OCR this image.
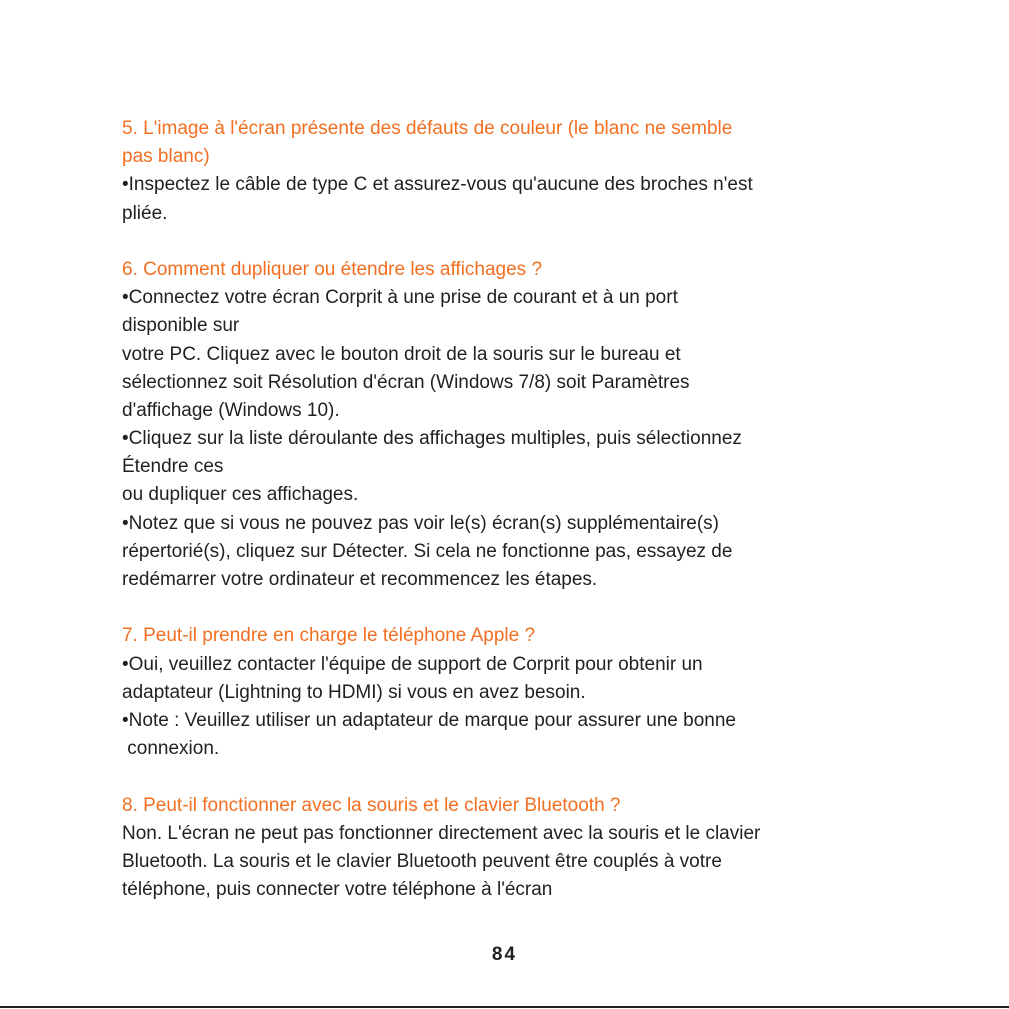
5. L'image à l'écran présente des défauts de couleur (le blanc ne semble
pas blanc)
•Inspectez le câble de type C et assurez-vous qu'aucune des broches n'est
pliée.
6. Comment dupliquer ou étendre les affichages ?
•Connectez votre écran Corprit à une prise de courant et à un port
disponible sur
votre PC. Cliquez avec le bouton droit de la souris sur le bureau et
sélectionnez soit Résolution d'écran (Windows 7/8) soit Paramètres
d'affichage (Windows 10).
•Cliquez sur la liste déroulante des affichages multiples, puis sélectionnez
Étendre ces
ou dupliquer ces affichages.
•Notez que si vous ne pouvez pas voir le(s) écran(s) supplémentaire(s)
répertorié(s), cliquez sur Détecter. Si cela ne fonctionne pas, essayez de
redémarrer votre ordinateur et recommencez les étapes.
7. Peut-il prendre en charge le téléphone Apple ?
•Oui, veuillez contacter l'équipe de support de Corprit pour obtenir un
adaptateur (Lightning to HDMI) si vous en avez besoin.
•Note : Veuillez utiliser un adaptateur de marque pour assurer une bonne
connexion.
8. Peut-il fonctionner avec la souris et le clavier Bluetooth ?
Non. L'écran ne peut pas fonctionner directement avec la souris et le clavier
Bluetooth. La souris et le clavier Bluetooth peuvent être couplés à votre
téléphone, puis connecter votre téléphone à l'écran
84
